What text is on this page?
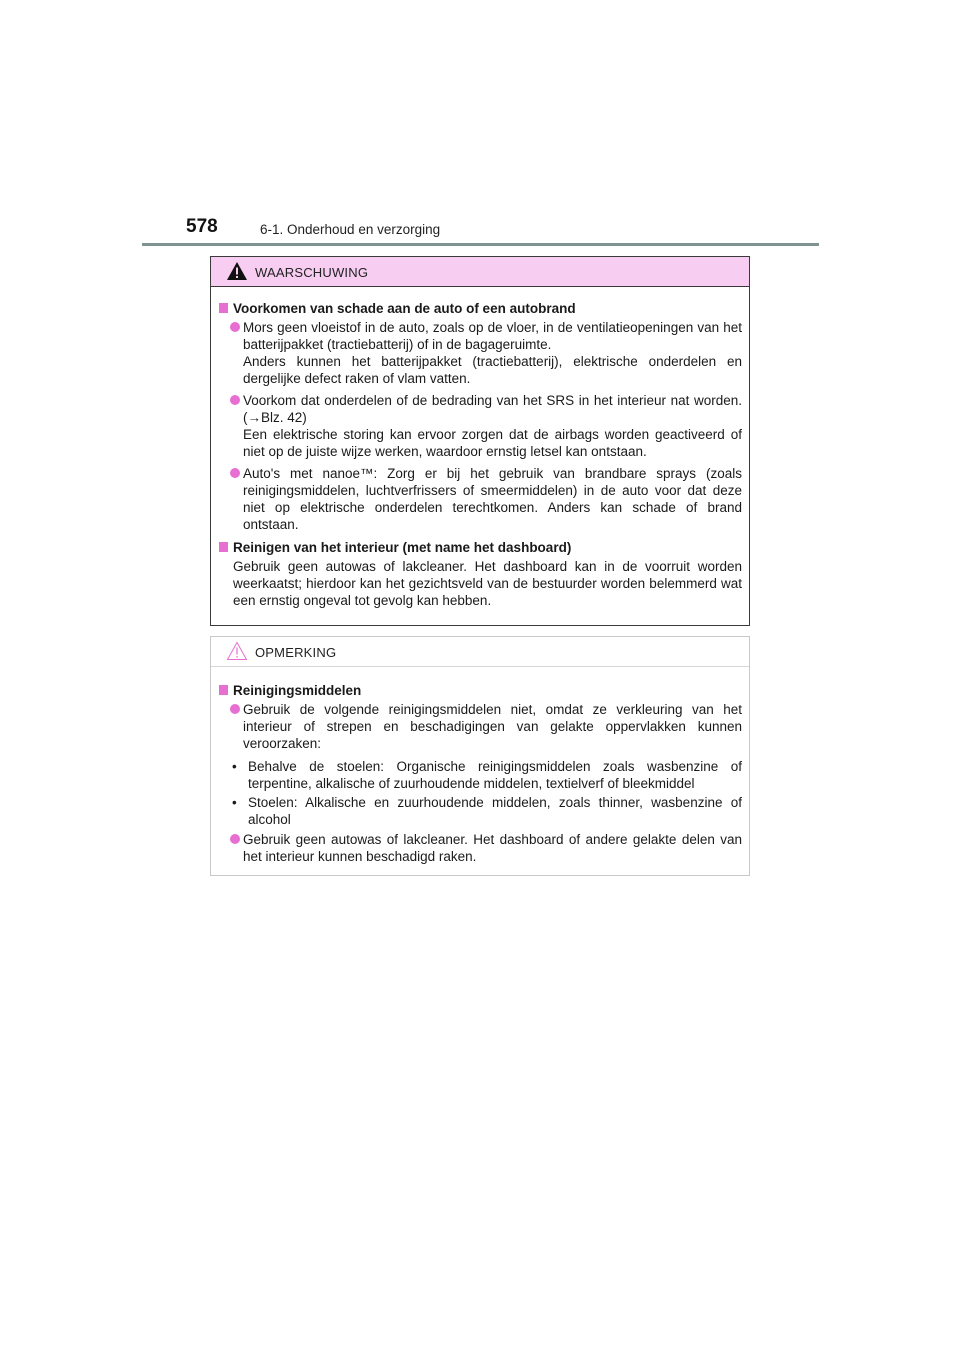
578	6-1. Onderhoud en verzorging
WAARSCHUWING
Voorkomen van schade aan de auto of een autobrand
Mors geen vloeistof in de auto, zoals op de vloer, in de ventilatieopeningen van het batterijpakket (tractiebatterij) of in de bagageruimte.
Anders kunnen het batterijpakket (tractiebatterij), elektrische onderdelen en dergelijke defect raken of vlam vatten.
Voorkom dat onderdelen of de bedrading van het SRS in het interieur nat worden. (→Blz. 42)
Een elektrische storing kan ervoor zorgen dat de airbags worden geactiveerd of niet op de juiste wijze werken, waardoor ernstig letsel kan ontstaan.
Auto's met nanoe™: Zorg er bij het gebruik van brandbare sprays (zoals reinigingsmiddelen, luchtverfrissers of smeermiddelen) in de auto voor dat deze niet op elektrische onderdelen terechtkomen. Anders kan schade of brand ontstaan.
Reinigen van het interieur (met name het dashboard)
Gebruik geen autowas of lakcleaner. Het dashboard kan in de voorruit worden weerkaatst; hierdoor kan het gezichtsveld van de bestuurder worden belemmerd wat een ernstig ongeval tot gevolg kan hebben.
OPMERKING
Reinigingsmiddelen
Gebruik de volgende reinigingsmiddelen niet, omdat ze verkleuring van het interieur of strepen en beschadigingen van gelakte oppervlakken kunnen veroorzaken:
• Behalve de stoelen: Organische reinigingsmiddelen zoals wasbenzine of terpentine, alkalische of zuurhoudende middelen, textielverf of bleekmiddel
• Stoelen: Alkalische en zuurhoudende middelen, zoals thinner, wasbenzine of alcohol
Gebruik geen autowas of lakcleaner. Het dashboard of andere gelakte delen van het interieur kunnen beschadigd raken.
